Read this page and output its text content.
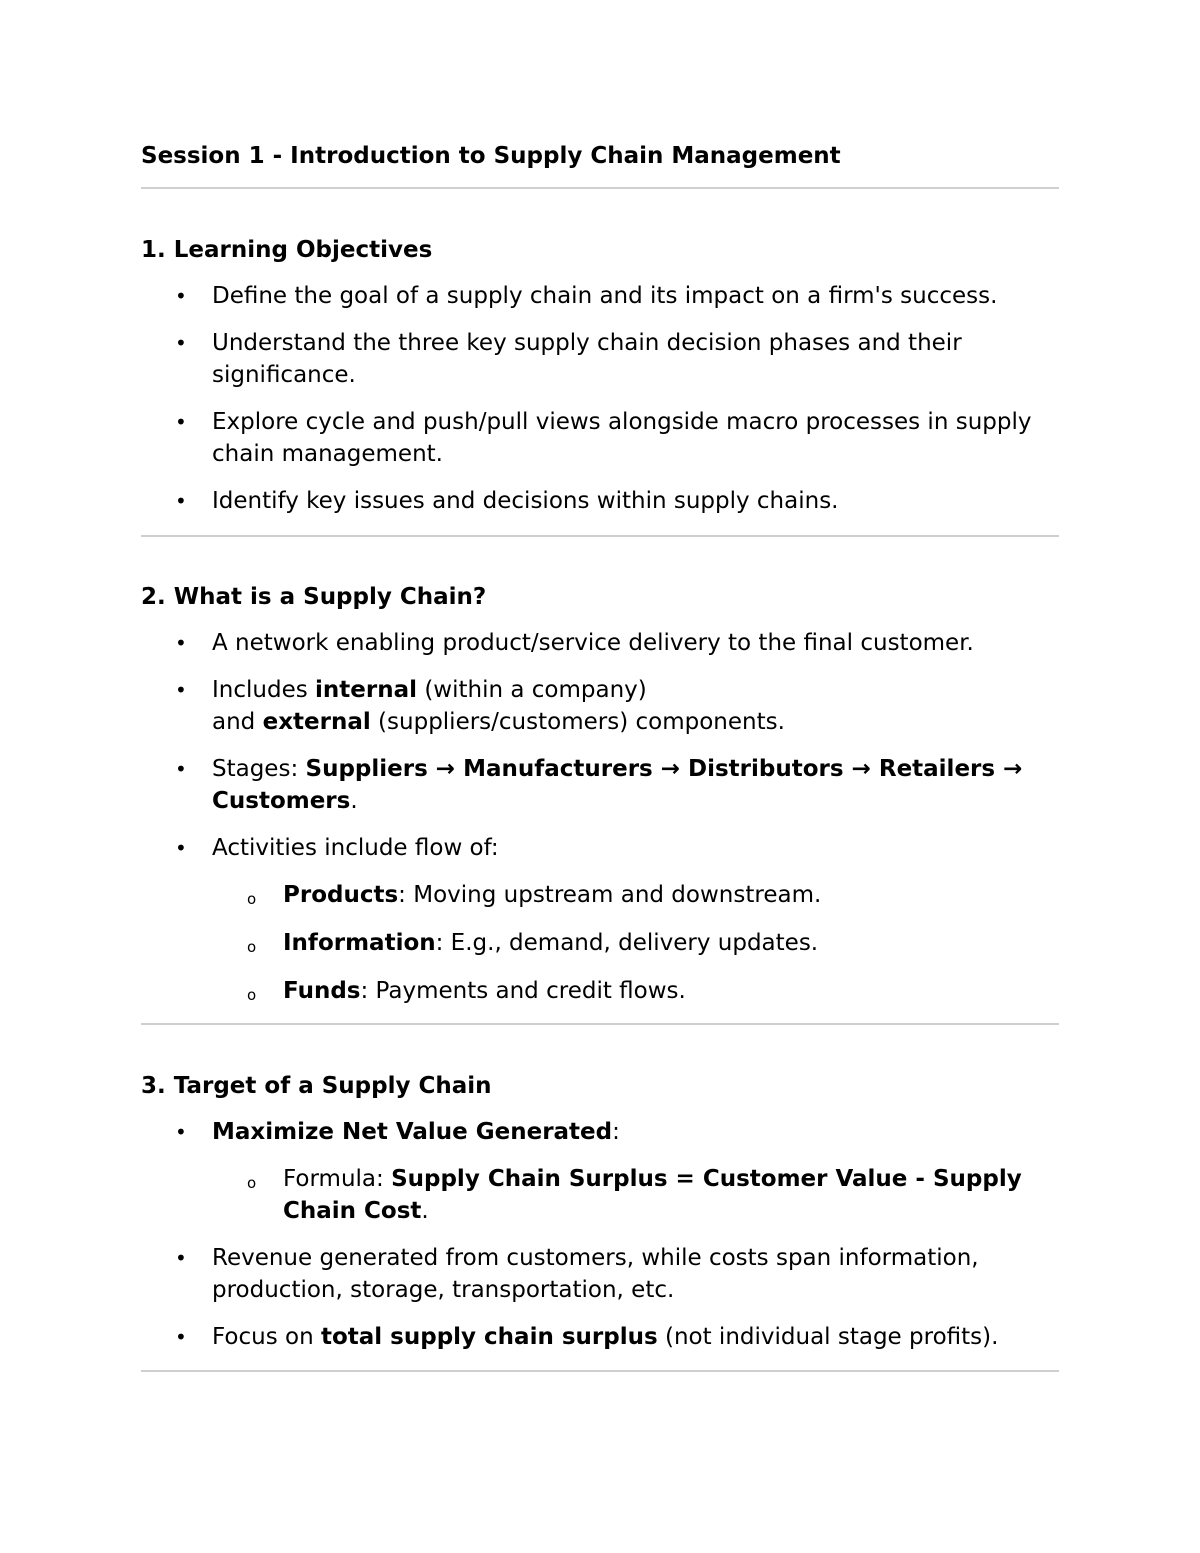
Session 1 - Introduction to Supply Chain Management
1. Learning Objectives
• Define the goal of a supply chain and its impact on a firm's success.
• Understand the three key supply chain decision phases and their significance.
• Explore cycle and push/pull views alongside macro processes in supply chain management.
• Identify key issues and decisions within supply chains.
2. What is a Supply Chain?
• A network enabling product/service delivery to the final customer.
• Includes internal (within a company)
and external (suppliers/customers) components.
• Stages: Suppliers → Manufacturers → Distributors → Retailers → Customers.
• Activities include flow of:
o Products: Moving upstream and downstream.
o Information: E.g., demand, delivery updates.
o Funds: Payments and credit flows.
3. Target of a Supply Chain
• Maximize Net Value Generated:
o Formula: Supply Chain Surplus = Customer Value - Supply Chain Cost.
• Revenue generated from customers, while costs span information, production, storage, transportation, etc.
• Focus on total supply chain surplus (not individual stage profits).
